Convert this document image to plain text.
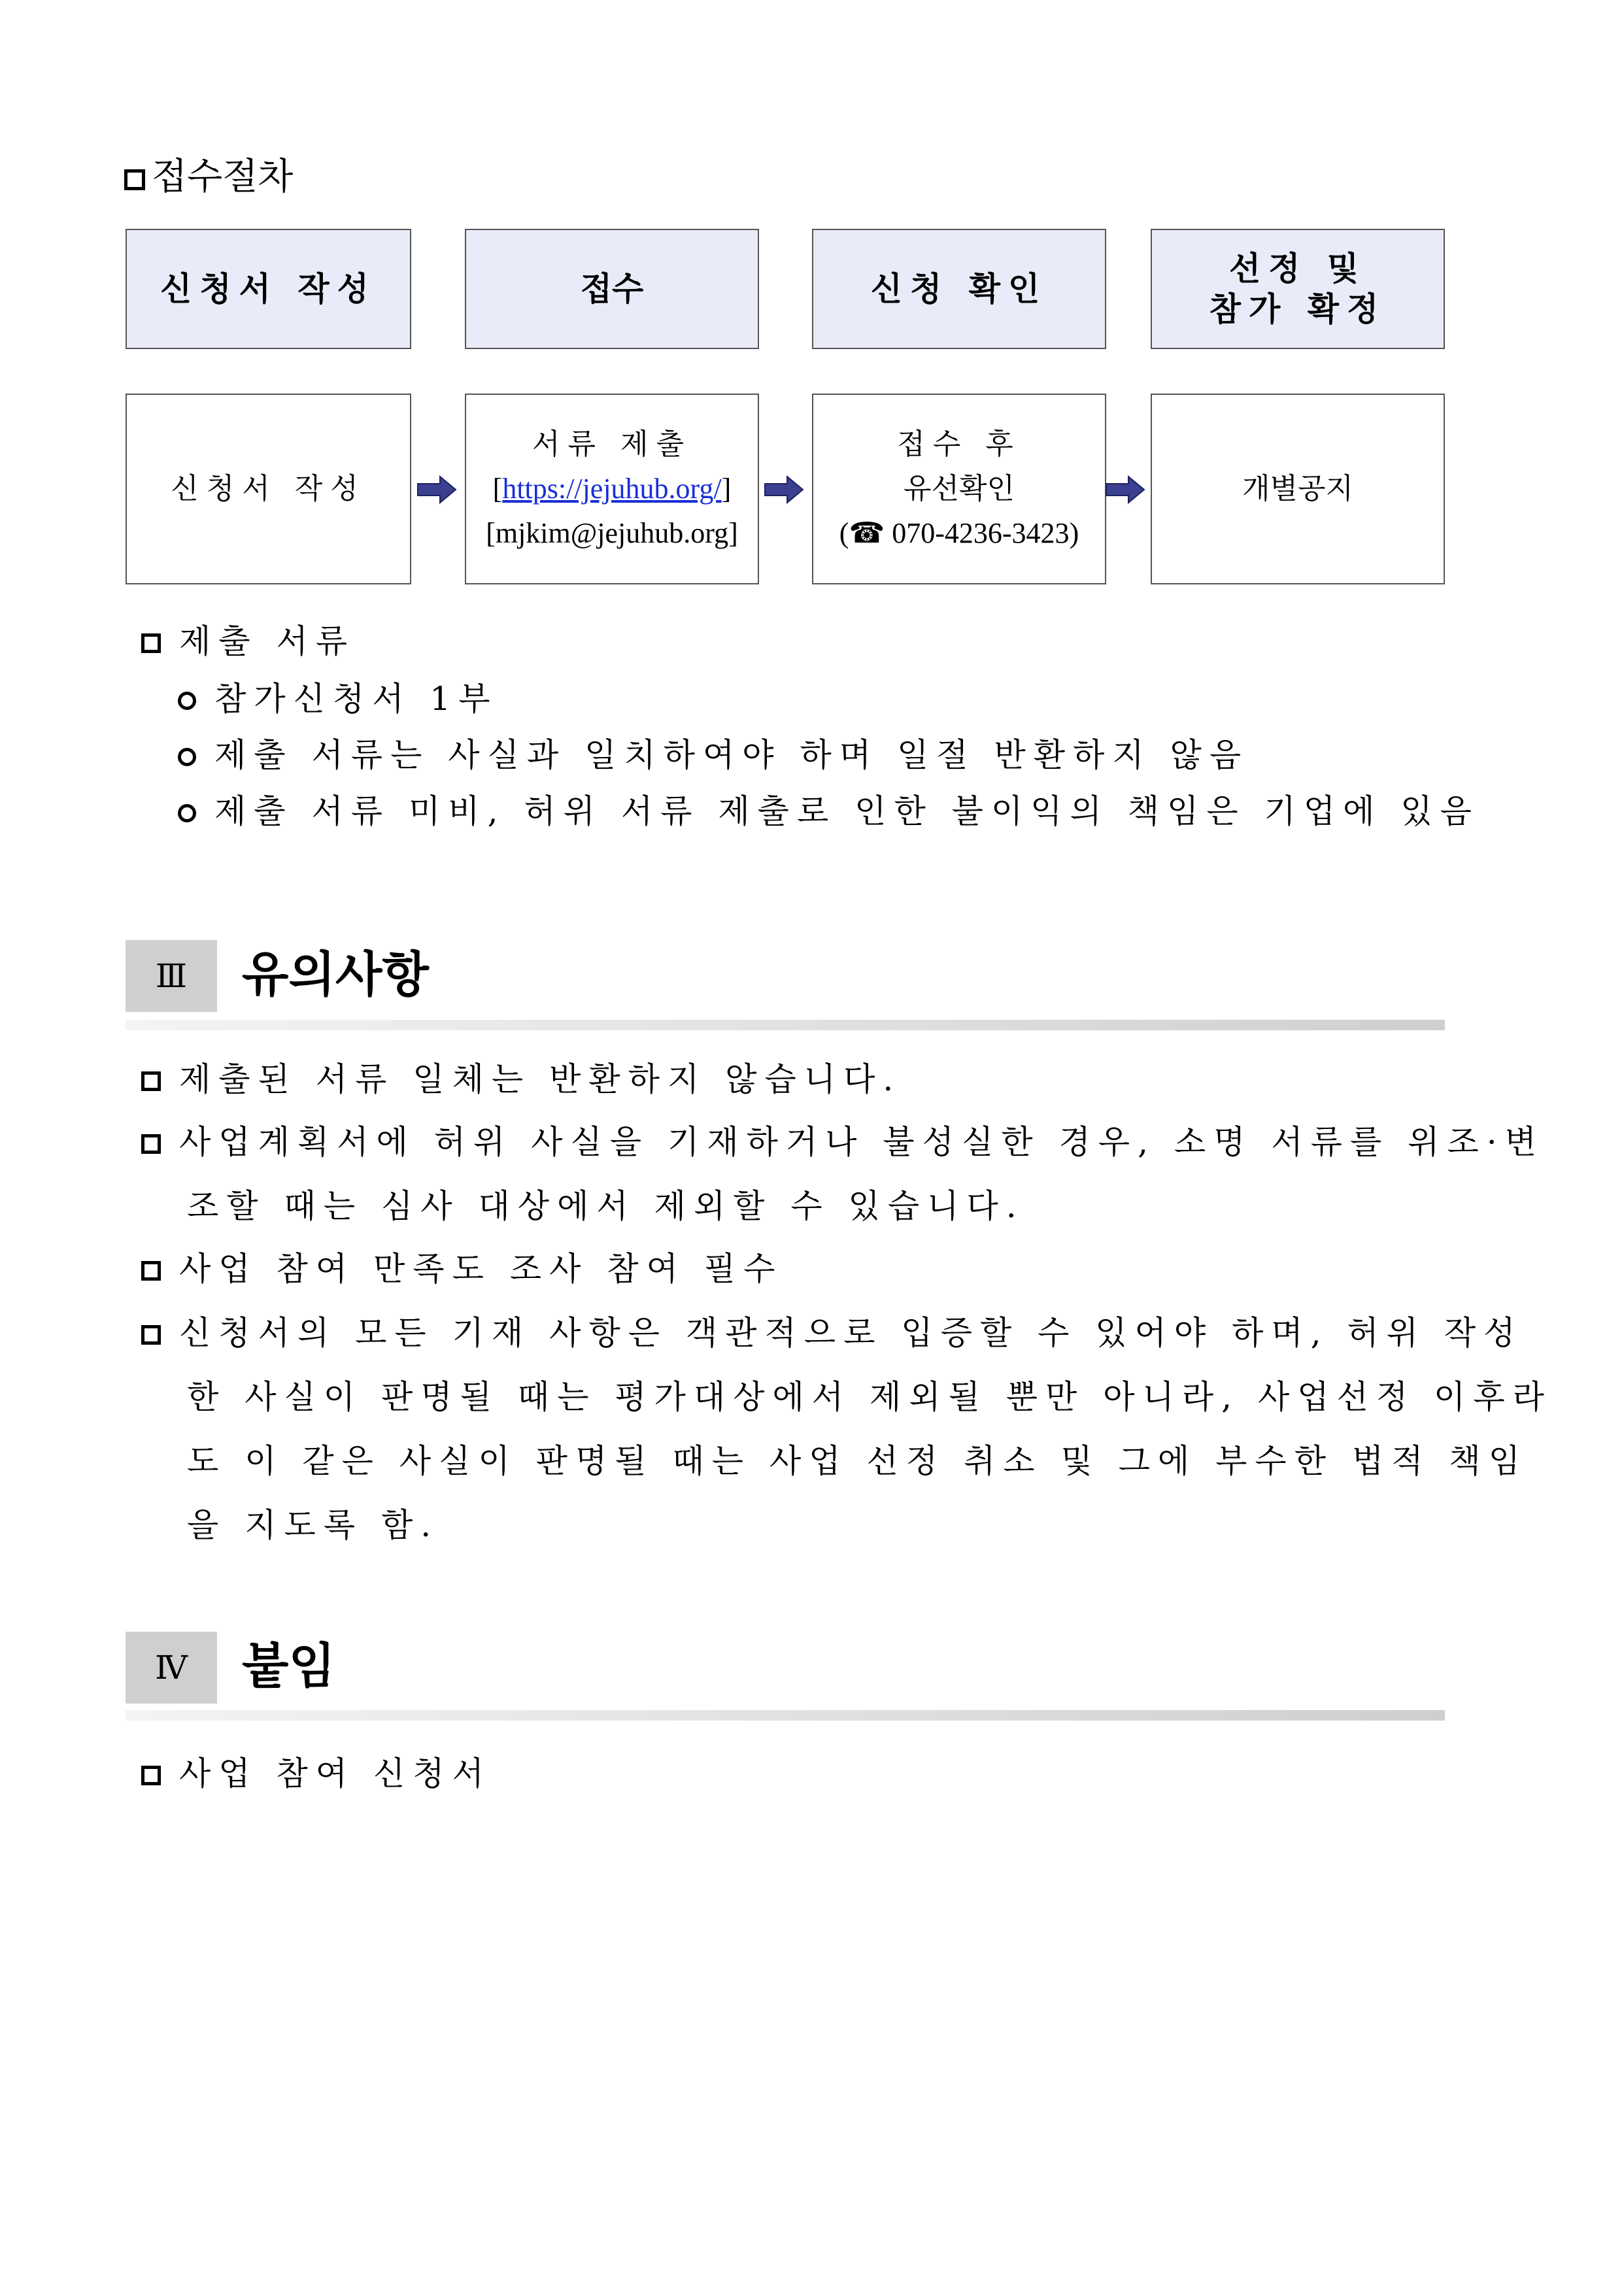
접수절차
신청서 작성	접수	신청 확인
선정 및
참가 확정
신청서 작성
서류 제출
[https://jejuhub.org/]
[mjkim@jejuhub.org]
접수 후
유선확인
(☎ 070-4236-3423)
개별공지
제출 서류
참가신청서 1부
제출 서류는 사실과 일치하여야 하며 일절 반환하지 않음
제출 서류 미비, 허위 서류 제출로 인한 불이익의 책임은 기업에 있음
Ⅲ	유의사항
제출된 서류 일체는 반환하지 않습니다.
사업계획서에 허위 사실을 기재하거나 불성실한 경우, 소명 서류를 위조·변
조할 때는 심사 대상에서 제외할 수 있습니다.
사업 참여 만족도 조사 참여 필수
신청서의 모든 기재 사항은 객관적으로 입증할 수 있어야 하며, 허위 작성
한 사실이 판명될 때는 평가대상에서 제외될 뿐만 아니라, 사업선정 이후라
도 이 같은 사실이 판명될 때는 사업 선정 취소 및 그에 부수한 법적 책임
을 지도록 함.
Ⅳ	붙임
사업 참여 신청서
